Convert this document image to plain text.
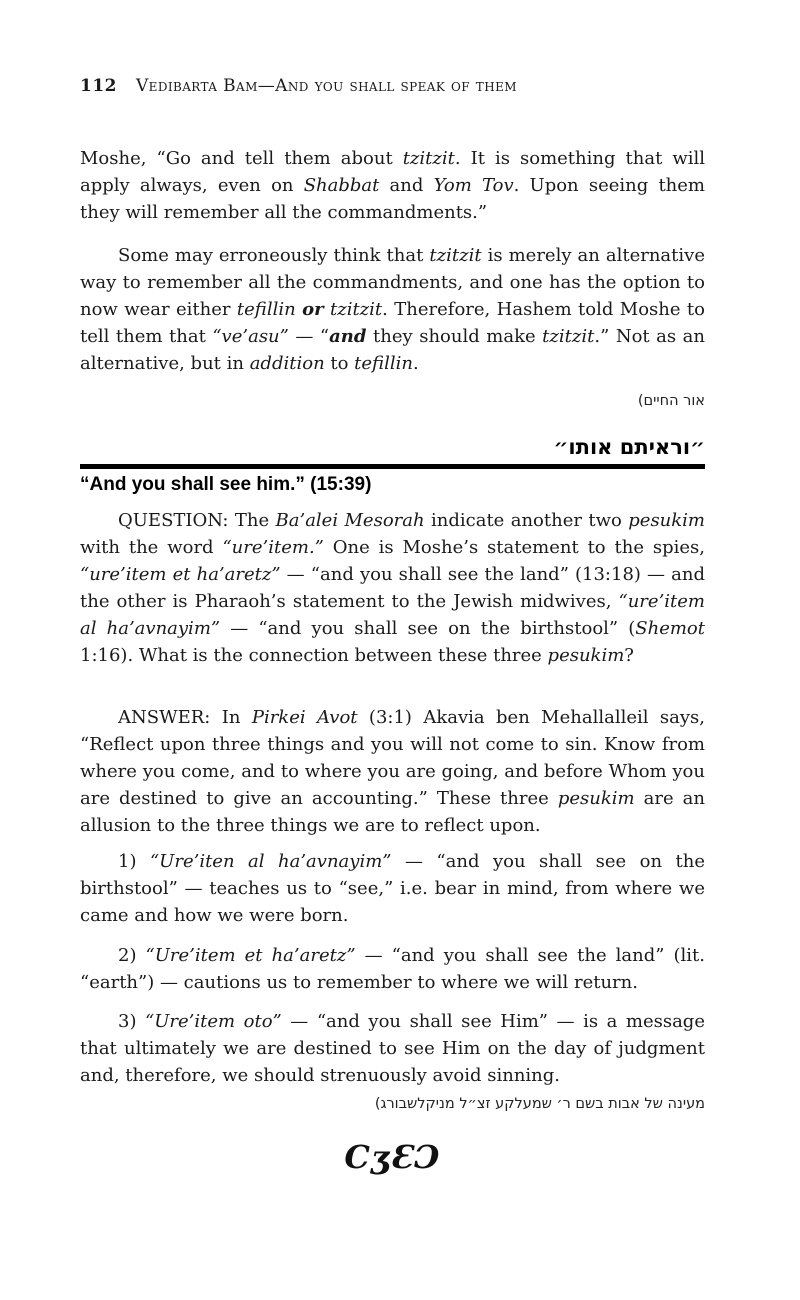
112 Vedibarta Bam—And you shall speak of them
Moshe, “Go and tell them about tzitzit. It is something that will apply always, even on Shabbat and Yom Tov. Upon seeing them they will remember all the commandments.”
Some may erroneously think that tzitzit is merely an alternative way to remember all the commandments, and one has the option to now wear either tefillin or tzitzit. Therefore, Hashem told Moshe to tell them that “ve’asu” — “and they should make tzitzit.” Not as an alternative, but in addition to tefillin.
אור החיים)
״וראיתם אותו״
“And you shall see him.” (15:39)
QUESTION: The Ba’alei Mesorah indicate another two pesukim with the word “ure’item.” One is Moshe’s statement to the spies, “ure’item et ha’aretz” — “and you shall see the land” (13:18) — and the other is Pharaoh’s statement to the Jewish midwives, “ure’item al ha’avnayim” — “and you shall see on the birthstool” (Shemot 1:16). What is the connection between these three pesukim?
ANSWER: In Pirkei Avot (3:1) Akavia ben Mehallalleil says, “Reflect upon three things and you will not come to sin. Know from where you come, and to where you are going, and before Whom you are destined to give an accounting.” These three pesukim are an allusion to the three things we are to reflect upon.
1) “Ure’iten al ha’avnayim” — “and you shall see on the birthstool” — teaches us to “see,” i.e. bear in mind, from where we came and how we were born.
2) “Ure’item et ha’aretz” — “and you shall see the land” (lit. “earth”) — cautions us to remember to where we will return.
3) “Ure’item oto” — “and you shall see Him” — is a message that ultimately we are destined to see Him on the day of judgment and, therefore, we should strenuously avoid sinning.
מעינה של אבות בשם ר׳ שמעלקע זצ״ל מניקלשבורג)
CʒƐƆ
